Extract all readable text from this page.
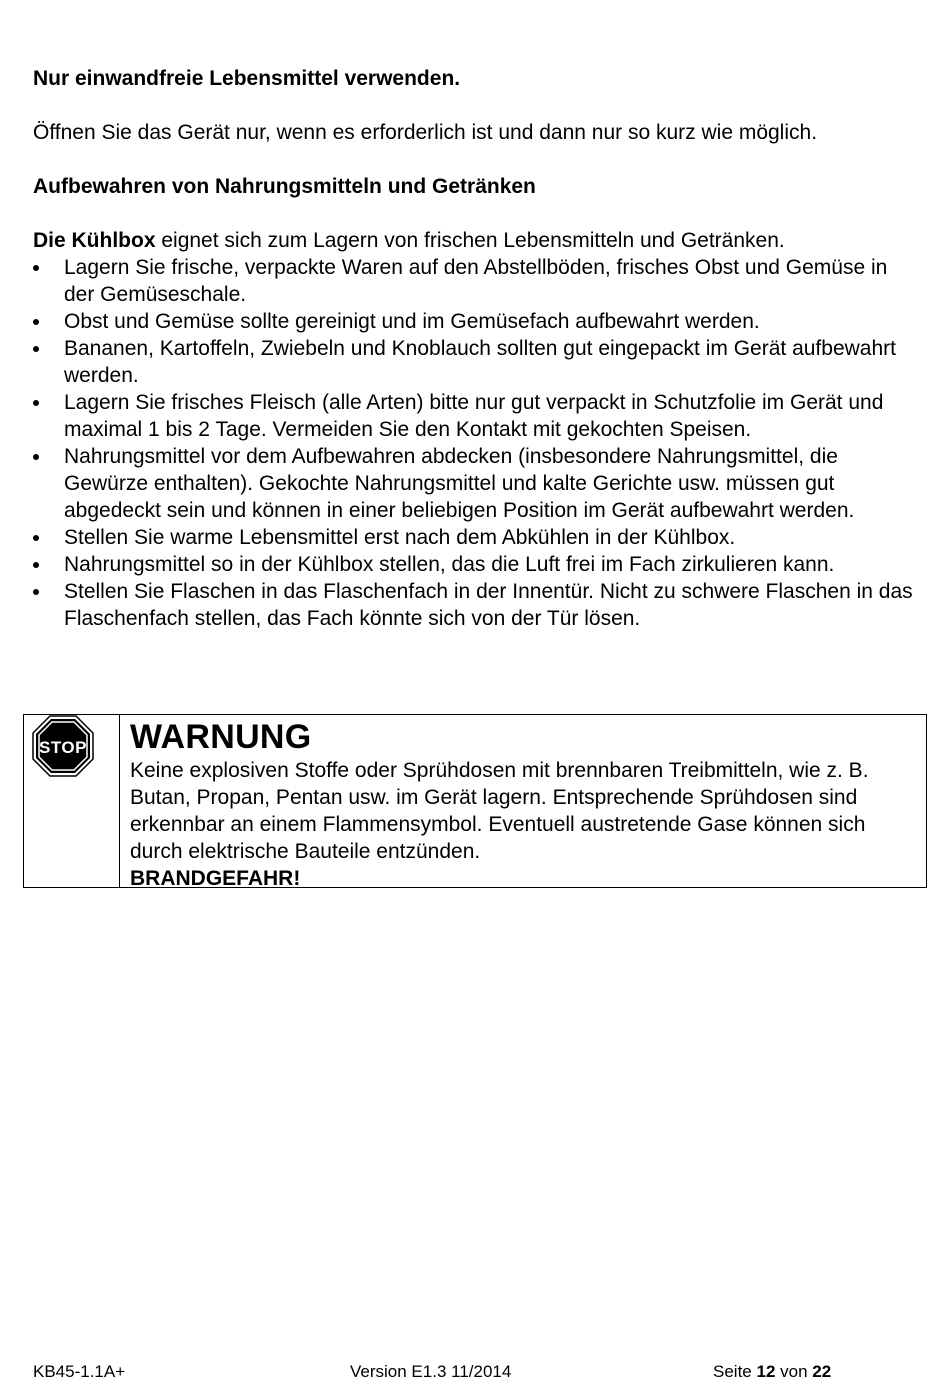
Nur einwandfreie Lebensmittel verwenden.

Öffnen Sie das Gerät nur, wenn es erforderlich ist und dann nur so kurz wie möglich.

Aufbewahren von Nahrungsmitteln und Getränken

Die Kühlbox eignet sich zum Lagern von frischen Lebensmitteln und Getränken.

Lagern Sie frische, verpackte Waren auf den Abstellböden, frisches Obst und Gemüse in der Gemüseschale.
Obst und Gemüse sollte gereinigt und im Gemüsefach aufbewahrt werden.
Bananen, Kartoffeln, Zwiebeln und Knoblauch sollten gut eingepackt im Gerät aufbewahrt werden.
Lagern Sie frisches Fleisch (alle Arten) bitte nur gut verpackt in Schutzfolie im Gerät und maximal 1 bis 2 Tage. Vermeiden Sie den Kontakt mit gekochten Speisen.
Nahrungsmittel vor dem Aufbewahren abdecken (insbesondere Nahrungsmittel, die Gewürze enthalten). Gekochte Nahrungsmittel und kalte Gerichte usw. müssen gut abgedeckt sein und können in einer beliebigen Position im Gerät aufbewahrt werden.
Stellen Sie warme Lebensmittel erst nach dem Abkühlen in der Kühlbox.
Nahrungsmittel so in der Kühlbox stellen, das die Luft frei im Fach zirkulieren kann.
Stellen Sie Flaschen in das Flaschenfach in der Innentür. Nicht zu schwere Flaschen in das Flaschenfach stellen, das Fach könnte sich von der Tür lösen.
STOP WARNUNG

Keine explosiven Stoffe oder Sprühdosen mit brennbaren Treibmitteln, wie z. B. Butan, Propan, Pentan usw. im Gerät lagern. Entsprechende Sprühdosen sind erkennbar an einem Flammensymbol. Eventuell austretende Gase können sich durch elektrische Bauteile entzünden.

BRANDGEFAHR!

KB45-1.1A+	Version E1.3 11/2014	Seite 12 von 22
